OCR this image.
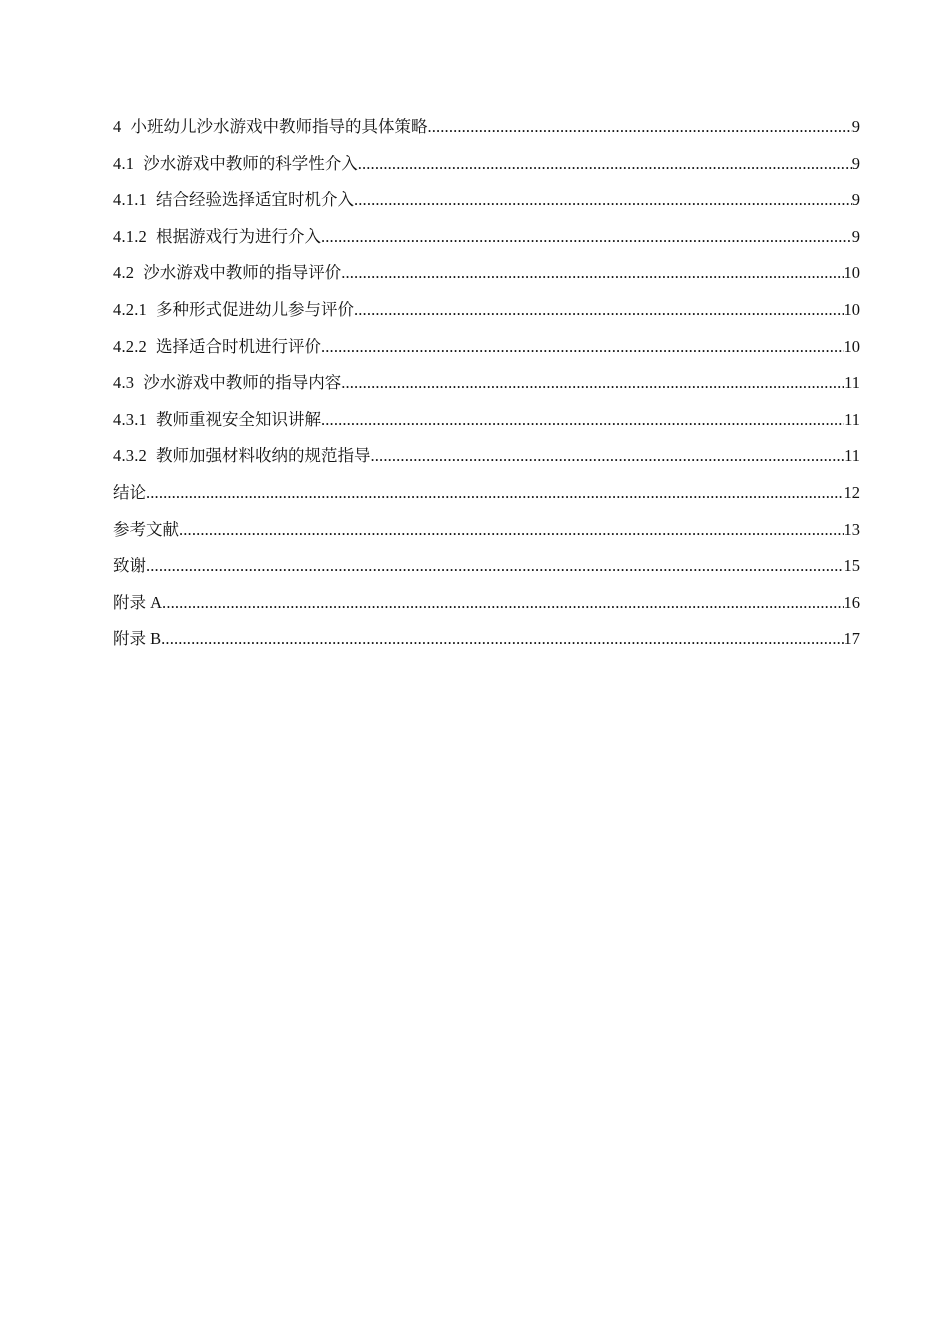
4 小班幼儿沙水游戏中教师指导的具体策略 .....	9
4.1 沙水游戏中教师的科学性介入 .....	9
4.1.1 结合经验选择适宜时机介入 .....	9
4.1.2 根据游戏行为进行介入 .....	9
4.2 沙水游戏中教师的指导评价 .....	10
4.2.1 多种形式促进幼儿参与评价 .....	10
4.2.2 选择适合时机进行评价 .....	10
4.3 沙水游戏中教师的指导内容 .....	11
4.3.1 教师重视安全知识讲解 .....	11
4.3.2 教师加强材料收纳的规范指导 .....	11
结论 .....	12
参考文献 .....	13
致谢 .....	15
附录 A .....	16
附录 B .....	17
